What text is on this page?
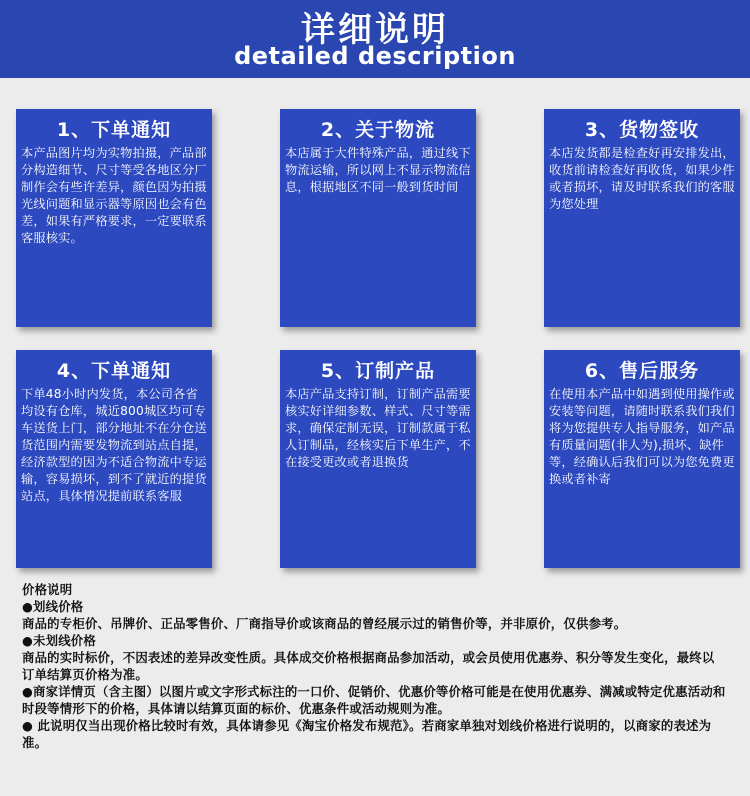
详细说明
detailed description
1、下单通知
本产品图片均为实物拍摄，产品部分构造细节、尺寸等受各地区分厂制作会有些许差异，颜色因为拍摄光线问题和显示器等原因也会有色差，如果有严格要求，一定要联系客服核实。
2、关于物流
本店属于大件特殊产品，通过线下物流运输，所以网上不显示物流信息，根据地区不同一般到货时间
3、货物签收
本店发货都是检查好再安排发出，收货前请检查好再收货，如果少件或者损坏，请及时联系我们的客服为您处理
4、下单通知
下单48小时内发货，本公司各省均设有仓库，城近800城区均可专车送货上门，部分地址不在分仓送货范围内需要发物流到站点自提，经济款型的因为不适合物流中专运输，容易损坏，到不了就近的提货站点，具体情况提前联系客服
5、订制产品
本店产品支持订制，订制产品需要核实好详细参数、样式、尺寸等需求，确保定制无误，订制款属于私人订制品，经核实后下单生产，不在接受更改或者退换货
6、售后服务
在使用本产品中如遇到使用操作或安装等问题，请随时联系我们我们将为您提供专人指导服务，如产品有质量问题(非人为),损坏、缺件等，经确认后我们可以为您免费更换或者补寄

价格说明

●划线价格

商品的专柜价、吊牌价、正品零售价、厂商指导价或该商品的曾经展示过的销售价等，并非原价，仅供参考。

●未划线价格

商品的实时标价，不因表述的差异改变性质。具体成交价格根据商品参加活动，或会员使用优惠券、积分等发生变化，最终以订单结算页价格为准。

●商家详情页（含主图）以图片或文字形式标注的一口价、促销价、优惠价等价格可能是在使用优惠券、满减或特定优惠活动和时段等情形下的价格，具体请以结算页面的标价、优惠条件或活动规则为准。

● 此说明仅当出现价格比较时有效，具体请参见《淘宝价格发布规范》。若商家单独对划线价格进行说明的，以商家的表述为准。
